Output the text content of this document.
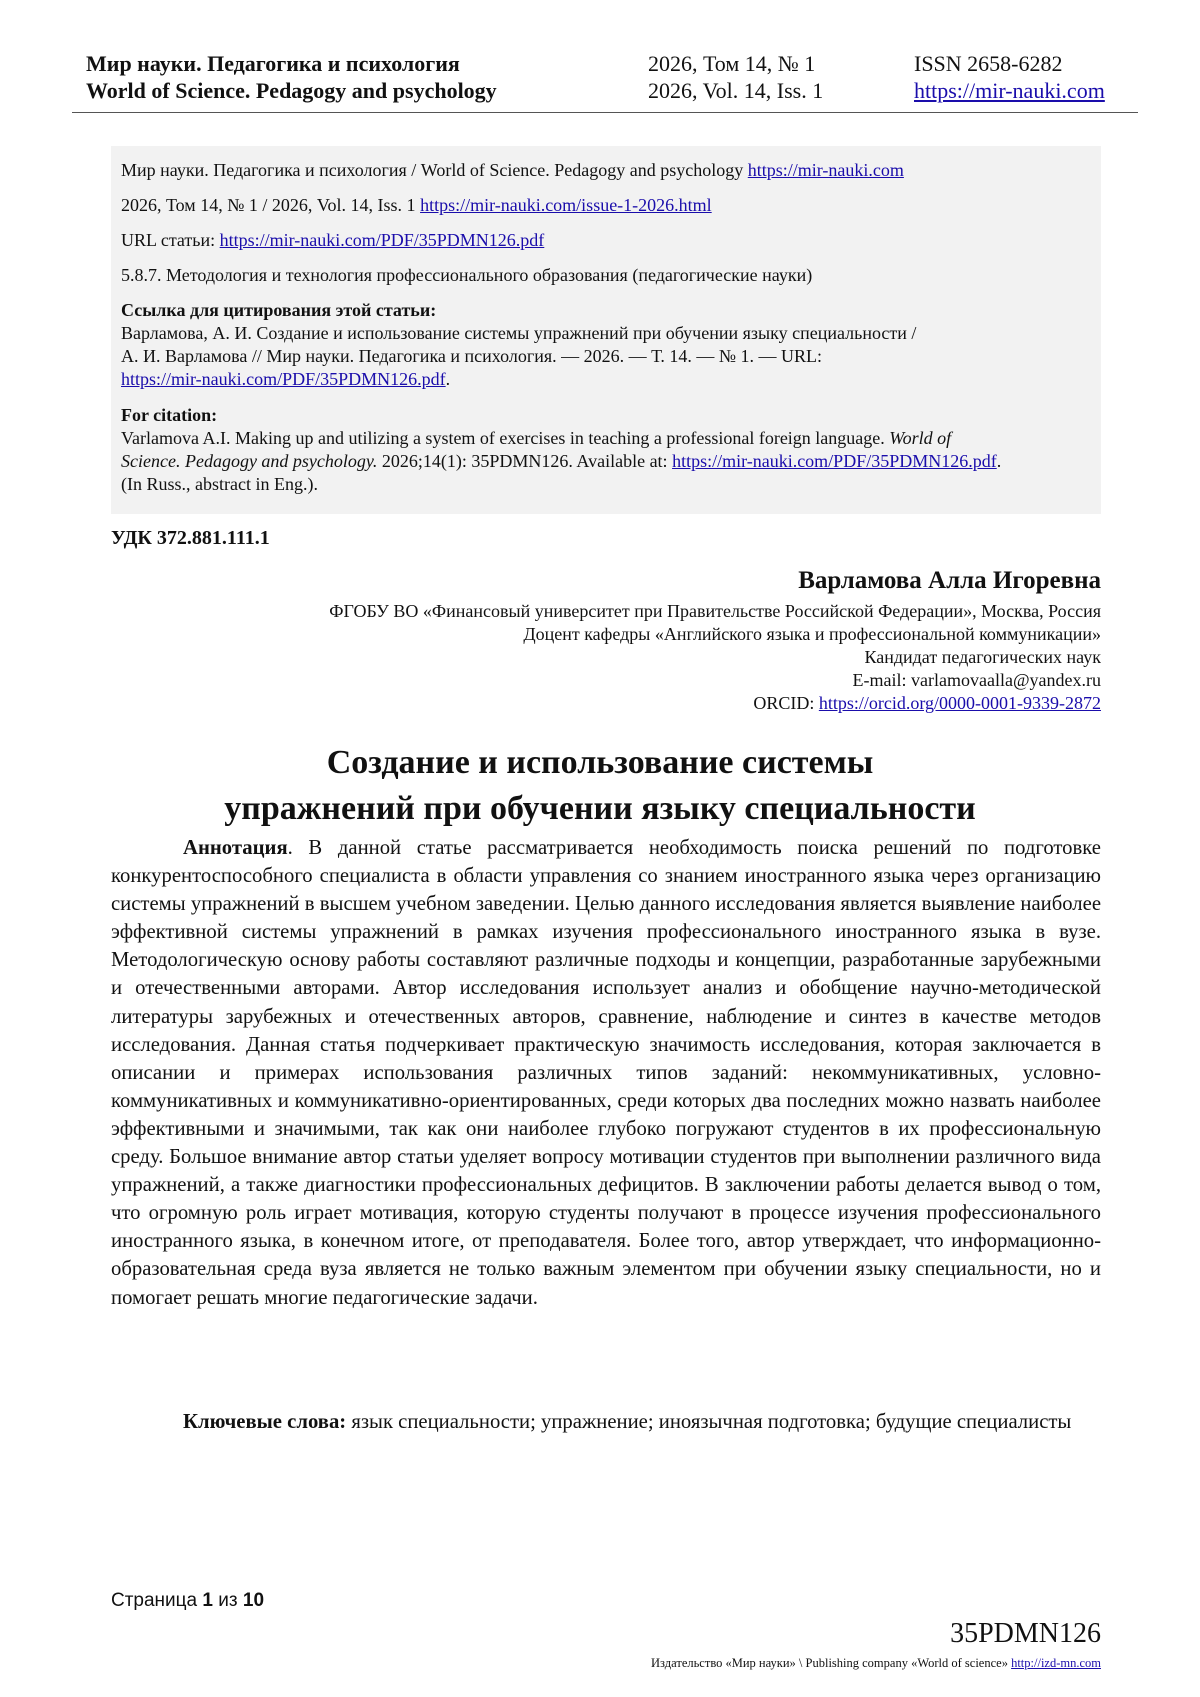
Мир науки. Педагогика и психология
World of Science. Pedagogy and psychology
2026, Том 14, № 1
2026, Vol. 14, Iss. 1
ISSN 2658-6282
https://mir-nauki.com
Мир науки. Педагогика и психология / World of Science. Pedagogy and psychology https://mir-nauki.com
2026, Том 14, № 1 / 2026, Vol. 14, Iss. 1 https://mir-nauki.com/issue-1-2026.html
URL статьи: https://mir-nauki.com/PDF/35PDMN126.pdf
5.8.7. Методология и технология профессионального образования (педагогические науки)
Ссылка для цитирования этой статьи:
Варламова, А. И. Создание и использование системы упражнений при обучении языку специальности /
А. И. Варламова // Мир науки. Педагогика и психология. — 2026. — Т. 14. — № 1. — URL:
https://mir-nauki.com/PDF/35PDMN126.pdf.
For citation:
Varlamova A.I. Making up and utilizing a system of exercises in teaching a professional foreign language. World of
Science. Pedagogy and psychology. 2026;14(1): 35PDMN126. Available at: https://mir-nauki.com/PDF/35PDMN126.pdf.
(In Russ., abstract in Eng.).
УДК 372.881.111.1
Варламова Алла Игоревна
ФГОБУ ВО «Финансовый университет при Правительстве Российской Федерации», Москва, Россия
Доцент кафедры «Английского языка и профессиональной коммуникации»
Кандидат педагогических наук
E-mail: varlamovaalla@yandex.ru
ORCID: https://orcid.org/0000-0001-9339-2872
Создание и использование системы
упражнений при обучении языку специальности

Аннотация. В данной статье рассматривается необходимость поиска решений по подготовке конкурентоспособного специалиста в области управления со знанием иностранного языка через организацию системы упражнений в высшем учебном заведении. Целью данного исследования является выявление наиболее эффективной системы упражнений в рамках изучения профессионального иностранного языка в вузе. Методологическую основу работы составляют различные подходы и концепции, разработанные зарубежными и отечественными авторами. Автор исследования использует анализ и обобщение научно-методической литературы зарубежных и отечественных авторов, сравнение, наблюдение и синтез в качестве методов исследования. Данная статья подчеркивает практическую значимость исследования, которая заключается в описании и примерах использования различных типов заданий: некоммуникативных, условно-коммуникативных и коммуникативно-ориентированных, среди которых два последних можно назвать наиболее эффективными и значимыми, так как они наиболее глубоко погружают студентов в их профессиональную среду. Большое внимание автор статьи уделяет вопросу мотивации студентов при выполнении различного вида упражнений, а также диагностики профессиональных дефицитов. В заключении работы делается вывод о том, что огромную роль играет мотивация, которую студенты получают в процессе изучения профессионального иностранного языка, в конечном итоге, от преподавателя. Более того, автор утверждает, что информационно-образовательная среда вуза является не только важным элементом при обучении языку специальности, но и помогает решать многие педагогические задачи.

Ключевые слова: язык специальности; упражнение; иноязычная подготовка; будущие специалисты

Страница 1 из 10
35PDMN126
Издательство «Мир науки» \ Publishing company «World of science» http://izd-mn.com
